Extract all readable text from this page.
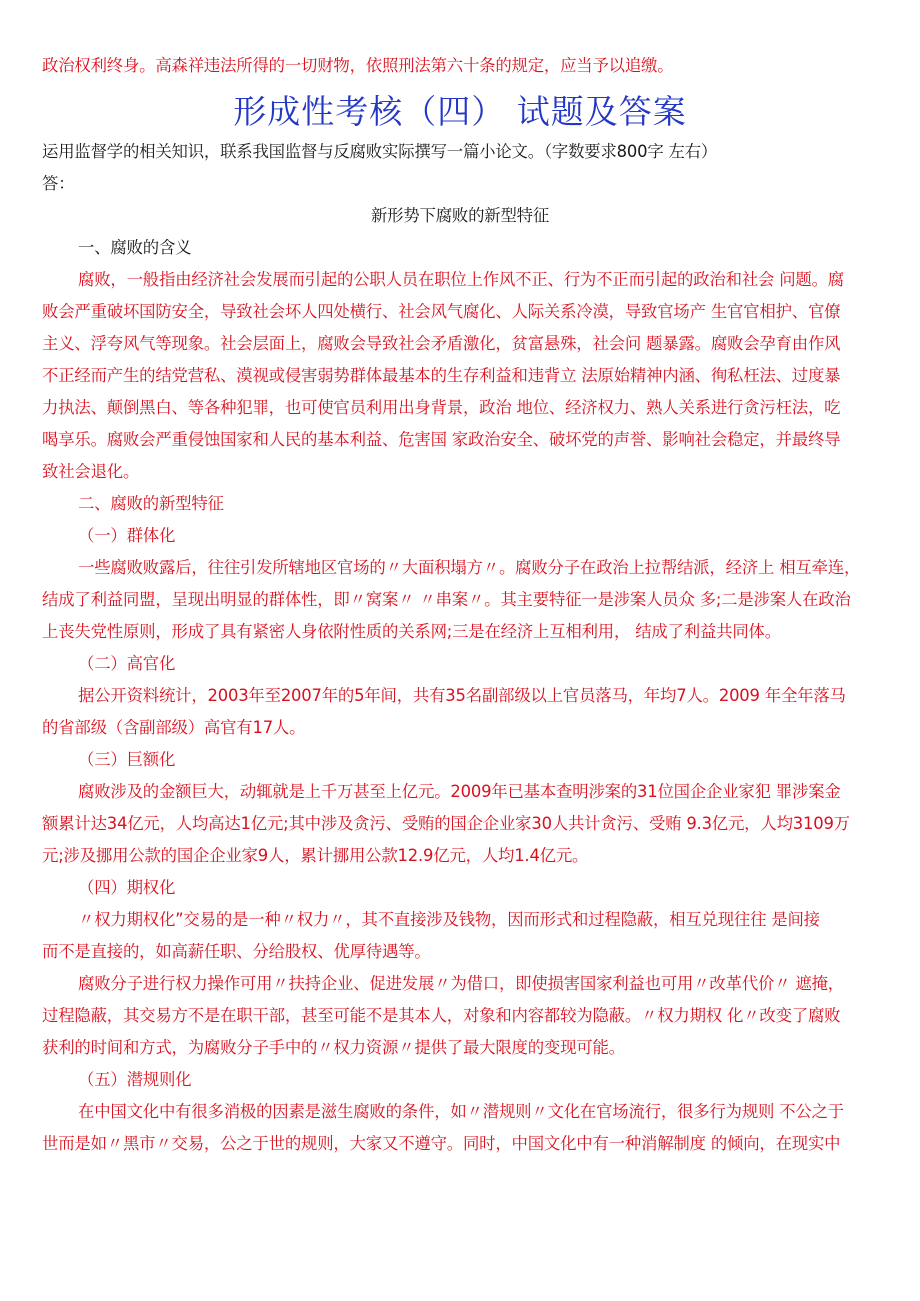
政治权利终身。高森祥违法所得的一切财物，依照刑法第六十条的规定，应当予以追缴。

形成性考核（四） 试题及答案

运用监督学的相关知识，联系我国监督与反腐败实际撰写一篇小论文。（字数要求800字 左右）

答：

新形势下腐败的新型特征

一、腐败的含义

腐败，一般指由经济社会发展而引起的公职人员在职位上作风不正、行为不正而引起的政治和社会 问题。腐

败会严重破坏国防安全，导致社会坏人四处横行、社会风气腐化、人际关系冷漠，导致官场产 生官官相护、官僚

主义、浮夸风气等现象。社会层面上，腐败会导致社会矛盾激化，贫富悬殊，社会问 题暴露。腐败会孕育由作风

不正经而产生的结党营私、漠视或侵害弱势群体最基本的生存利益和违背立 法原始精神内涵、徇私枉法、过度暴

力执法、颠倒黑白、等各种犯罪，也可使官员利用出身背景，政治 地位、经济权力、熟人关系进行贪污枉法，吃

喝享乐。腐败会严重侵蚀国家和人民的基本利益、危害国 家政治安全、破坏党的声誉、影响社会稳定，并最终导

致社会退化。

二、腐败的新型特征

（一）群体化

一些腐败败露后，往往引发所辖地区官场的〃大面积塌方〃。腐败分子在政治上拉帮结派，经济上 相互牵连，

结成了利益同盟，呈现出明显的群体性，即〃窝案〃 〃串案〃。其主要特征一是涉案人员众 多;二是涉案人在政治

上丧失党性原则，形成了具有紧密人身依附性质的关系网;三是在经济上互相利用， 结成了利益共同体。

（二）高官化

据公开资料统计，2003年至2007年的5年间，共有35名副部级以上官员落马，年均7人。2009 年全年落马

的省部级（含副部级）高官有17人。

（三）巨额化

腐败涉及的金额巨大，动辄就是上千万甚至上亿元。2009年已基本查明涉案的31位国企企业家犯 罪涉案金

额累计达34亿元，人均高达1亿元;其中涉及贪污、受贿的国企企业家30人共计贪污、受贿 9.3亿元，人均3109万

元;涉及挪用公款的国企企业家9人，累计挪用公款12.9亿元，人均1.4亿元。

（四）期权化

〃权力期权化”交易的是一种〃权力〃，其不直接涉及钱物，因而形式和过程隐蔽，相互兑现往往 是间接

而不是直接的，如高薪任职、分给股权、优厚待遇等。

腐败分子进行权力操作可用〃扶持企业、促进发展〃为借口，即使损害国家利益也可用〃改革代价〃 遮掩，

过程隐蔽，其交易方不是在职干部，甚至可能不是其本人，对象和内容都较为隐蔽。〃权力期权 化〃改变了腐败

获利的时间和方式，为腐败分子手中的〃权力资源〃提供了最大限度的变现可能。

（五）潜规则化

在中国文化中有很多消极的因素是滋生腐败的条件，如〃潜规则〃文化在官场流行，很多行为规则 不公之于

世而是如〃黑市〃交易，公之于世的规则，大家又不遵守。同时，中国文化中有一种消解制度 的倾向，在现实中
